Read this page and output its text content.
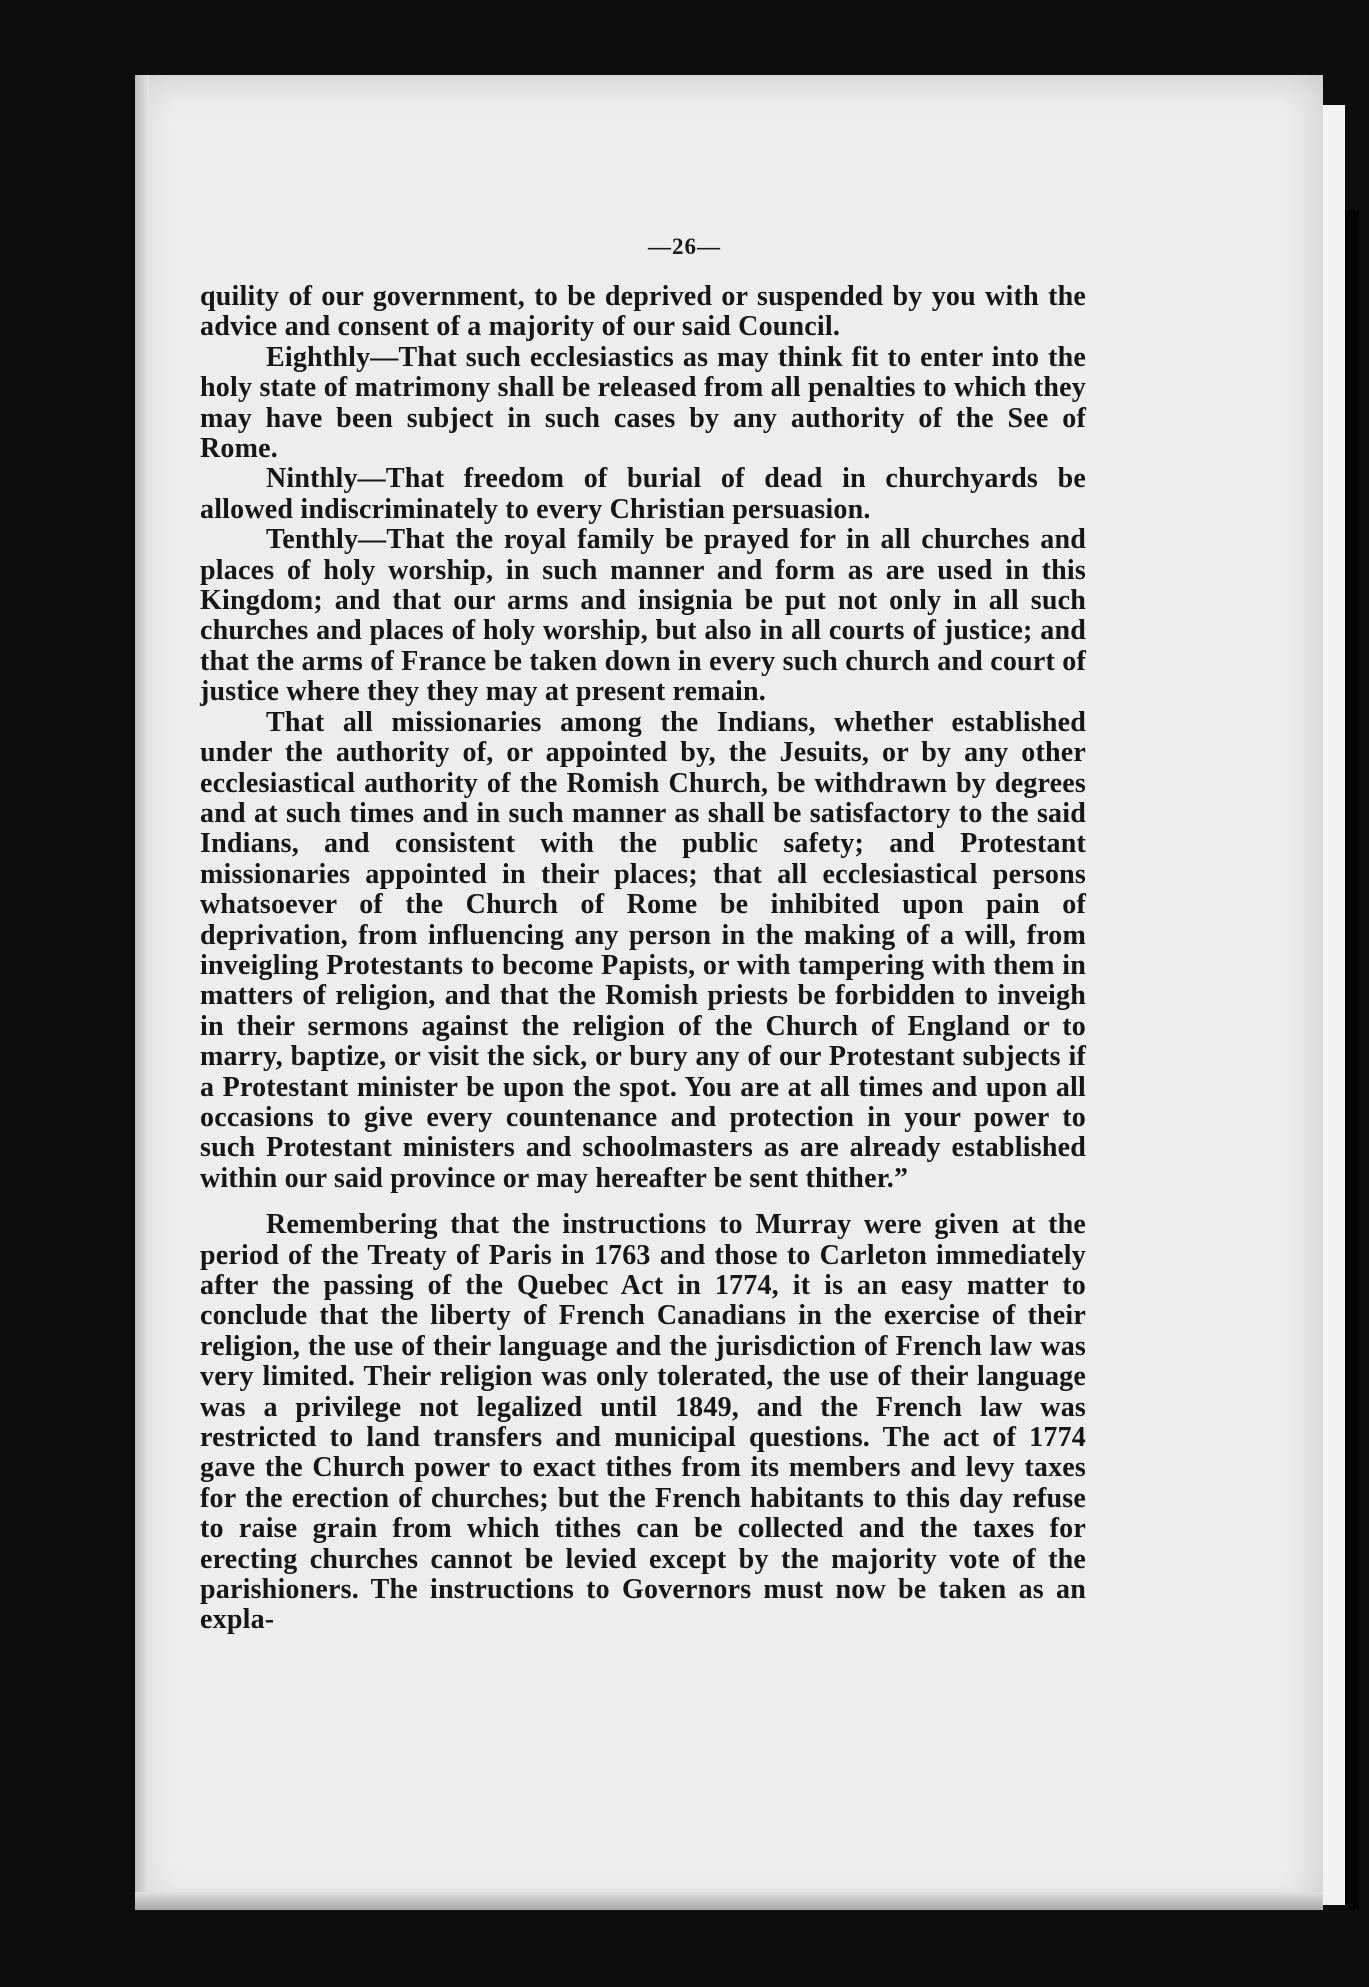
—26—

quility of our government, to be deprived or suspended by you with the advice and consent of a majority of our said Council.

Eighthly—That such ecclesiastics as may think fit to enter into the holy state of matrimony shall be released from all penalties to which they may have been subject in such cases by any authority of the See of Rome.

Ninthly—That freedom of burial of dead in churchyards be allowed indiscriminately to every Christian persuasion.

Tenthly—That the royal family be prayed for in all churches and places of holy worship, in such manner and form as are used in this Kingdom; and that our arms and insignia be put not only in all such churches and places of holy worship, but also in all courts of justice; and that the arms of France be taken down in every such church and court of justice where they they may at present remain.

That all missionaries among the Indians, whether established under the authority of, or appointed by, the Jesuits, or by any other ecclesiastical authority of the Romish Church, be withdrawn by degrees and at such times and in such manner as shall be satisfactory to the said Indians, and consistent with the public safety; and Protestant missionaries appointed in their places; that all ecclesiastical persons whatsoever of the Church of Rome be inhibited upon pain of deprivation, from influencing any person in the making of a will, from inveigling Protestants to become Papists, or with tampering with them in matters of religion, and that the Romish priests be forbidden to inveigh in their sermons against the religion of the Church of England or to marry, baptize, or visit the sick, or bury any of our Protestant subjects if a Protestant minister be upon the spot. You are at all times and upon all occasions to give every countenance and protection in your power to such Protestant ministers and schoolmasters as are already established within our said province or may hereafter be sent thither.”

Remembering that the instructions to Murray were given at the period of the Treaty of Paris in 1763 and those to Carleton immediately after the passing of the Quebec Act in 1774, it is an easy matter to conclude that the liberty of French Canadians in the exercise of their religion, the use of their language and the jurisdiction of French law was very limited. Their religion was only tolerated, the use of their language was a privilege not legalized until 1849, and the French law was restricted to land transfers and municipal questions. The act of 1774 gave the Church power to exact tithes from its members and levy taxes for the erection of churches; but the French habitants to this day refuse to raise grain from which tithes can be collected and the taxes for erecting churches cannot be levied except by the majority vote of the parishioners. The instructions to Governors must now be taken as an expla-
